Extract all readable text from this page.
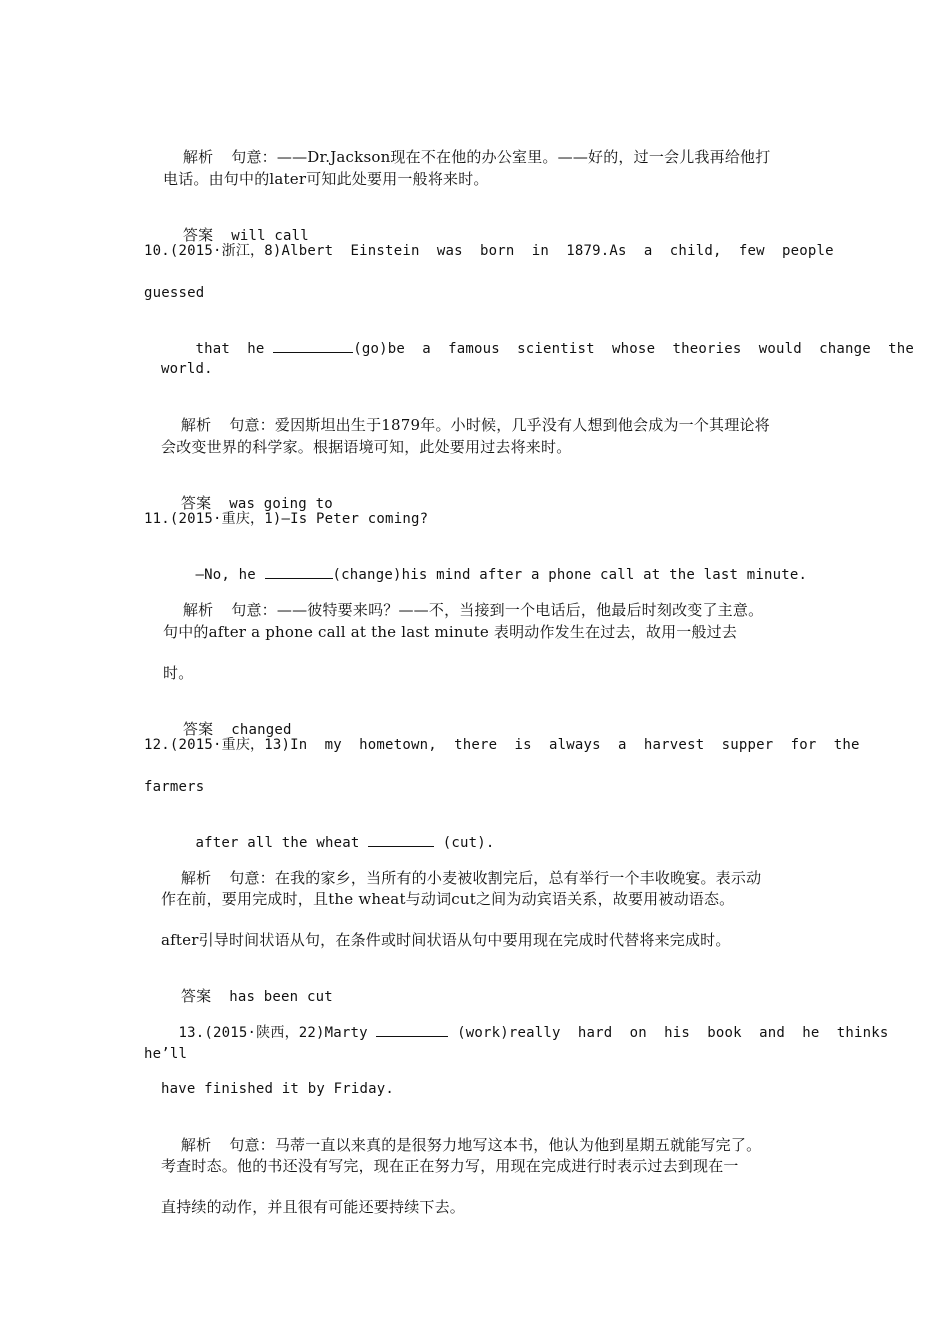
解析 句意：——Dr.Jackson现在不在他的办公室里。——好的，过一会儿我再给他打

电话。由句中的later可知此处要用一般将来时。

答案 will call

10.(2015·浙江，8)Albert  Einstein  was  born  in  1879.As  a  child,  few  people
guessed

that  he	(go)be  a  famous  scientist  whose  theories  would  change  the

world.

解析 句意：爱因斯坦出生于1879年。小时候，几乎没有人想到他会成为一个其理论将

会改变世界的科学家。根据语境可知，此处要用过去将来时。

答案 was going to

11.(2015·重庆，1)—Is Peter coming?

—No, he	(change)his mind after a phone call at the last minute.

解析 句意：——彼特要来吗？——不，当接到一个电话后，他最后时刻改变了主意。

句中的after a phone call at the last minute 表明动作发生在过去，故用一般过去
时。

答案 changed

12.(2015·重庆，13)In  my  hometown,  there  is  always  a  harvest  supper  for  the
farmers

after all the wheat	(cut).

解析 句意：在我的家乡，当所有的小麦被收割完后，总有举行一个丰收晚宴。表示动

作在前，要用完成时，且the wheat与动词cut之间为动宾语关系，故要用被动语态。
after引导时间状语从句，在条件或时间状语从句中要用现在完成时代替将来完成时。

答案 has been cut

13.(2015·陕西，22)Marty	(work)really  hard  on  his  book  and  he  thinks

he’ll
have finished it by Friday.

解析 句意：马蒂一直以来真的是很努力地写这本书，他认为他到星期五就能写完了。

考查时态。他的书还没有写完，现在正在努力写，用现在完成进行时表示过去到现在一
直持续的动作，并且很有可能还要持续下去。
